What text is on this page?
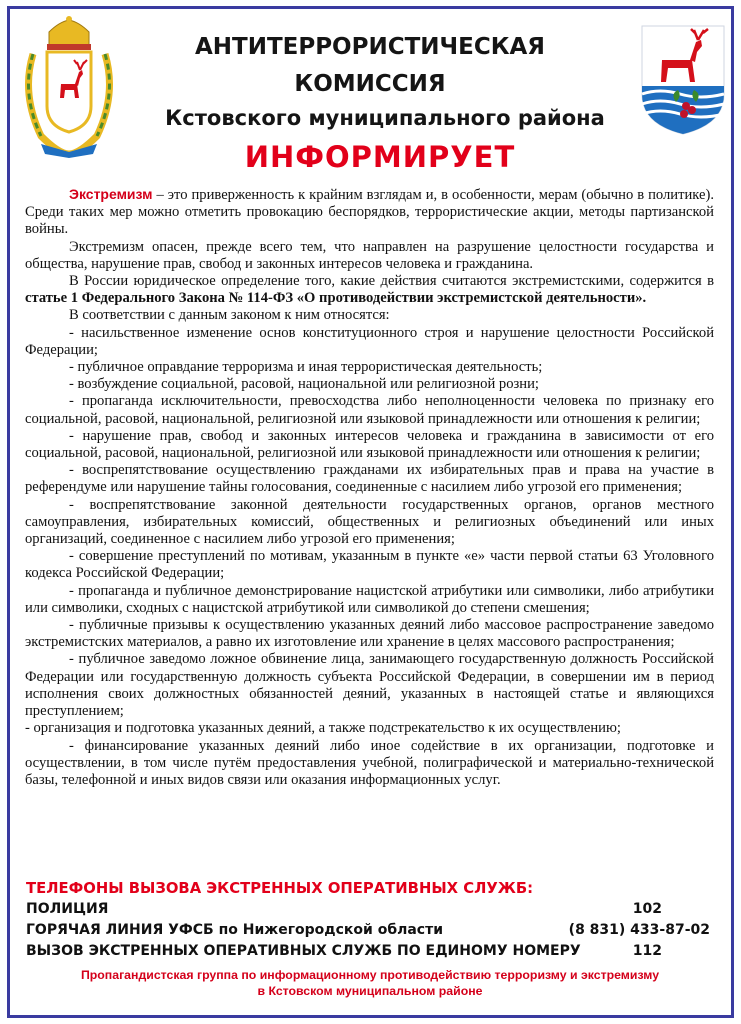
АНТИТЕРРОРИСТИЧЕСКАЯ
КОМИССИЯ
Кстовского муниципального района
ИНФОРМИРУЕТ

Экстремизм – это приверженность к крайним взглядам и, в особенности, мерам (обычно в политике). Среди таких мер можно отметить провокацию беспорядков, террористические акции, методы партизанской войны.

Экстремизм опасен, прежде всего тем, что направлен на разрушение целостности государства и общества, нарушение прав, свобод и законных интересов человека и гражданина.

В России юридическое определение того, какие действия считаются экстремистскими, содержится в статье 1 Федерального Закона № 114-ФЗ «О противодействии экстремистской деятельности».

В соответствии с данным законом к ним относятся:

- насильственное изменение основ конституционного строя и нарушение целостности Российской Федерации;

- публичное оправдание терроризма и иная террористическая деятельность;

- возбуждение социальной, расовой, национальной или религиозной розни;

- пропаганда исключительности, превосходства либо неполноценности человека по признаку его социальной, расовой, национальной, религиозной или языковой принадлежности или отношения к религии;

- нарушение прав, свобод и законных интересов человека и гражданина в зависимости от его социальной, расовой, национальной, религиозной или языковой принадлежности или отношения к религии;

- воспрепятствование осуществлению гражданами их избирательных прав и права на участие в референдуме или нарушение тайны голосования, соединенные с насилием либо угрозой его применения;

- воспрепятствование законной деятельности государственных органов, органов местного самоуправления, избирательных комиссий, общественных и религиозных объединений или иных организаций, соединенное с насилием либо угрозой его применения;

- совершение преступлений по мотивам, указанным в пункте «е» части первой статьи 63 Уголовного кодекса Российской Федерации;

- пропаганда и публичное демонстрирование нацистской атрибутики или символики, либо атрибутики или символики, сходных с нацистской атрибутикой или символикой до степени смешения;

- публичные призывы к осуществлению указанных деяний либо массовое распространение заведомо экстремистских материалов, а равно их изготовление или хранение в целях массового распространения;

- публичное заведомо ложное обвинение лица, занимающего государственную должность Российской Федерации или государственную должность субъекта Российской Федерации, в совершении им в период исполнения своих должностных обязанностей деяний, указанных в настоящей статье и являющихся преступлением;

- организация и подготовка указанных деяний, а также подстрекательство к их осуществлению;

- финансирование указанных деяний либо иное содействие в их организации, подготовке и осуществлении, в том числе путём предоставления учебной, полиграфической и материально-технической базы, телефонной и иных видов связи или оказания информационных услуг.

ТЕЛЕФОНЫ ВЫЗОВА ЭКСТРЕННЫХ ОПЕРАТИВНЫХ СЛУЖБ:
ПОЛИЦИЯ	102
ГОРЯЧАЯ ЛИНИЯ УФСБ по Нижегородской области	(8 831) 433-87-02
ВЫЗОВ ЭКСТРЕННЫХ ОПЕРАТИВНЫХ СЛУЖБ ПО ЕДИНОМУ НОМЕРУ	112
Пропагандистская группа по информационному противодействию терроризму и экстремизму
в Кстовском муниципальном районе
